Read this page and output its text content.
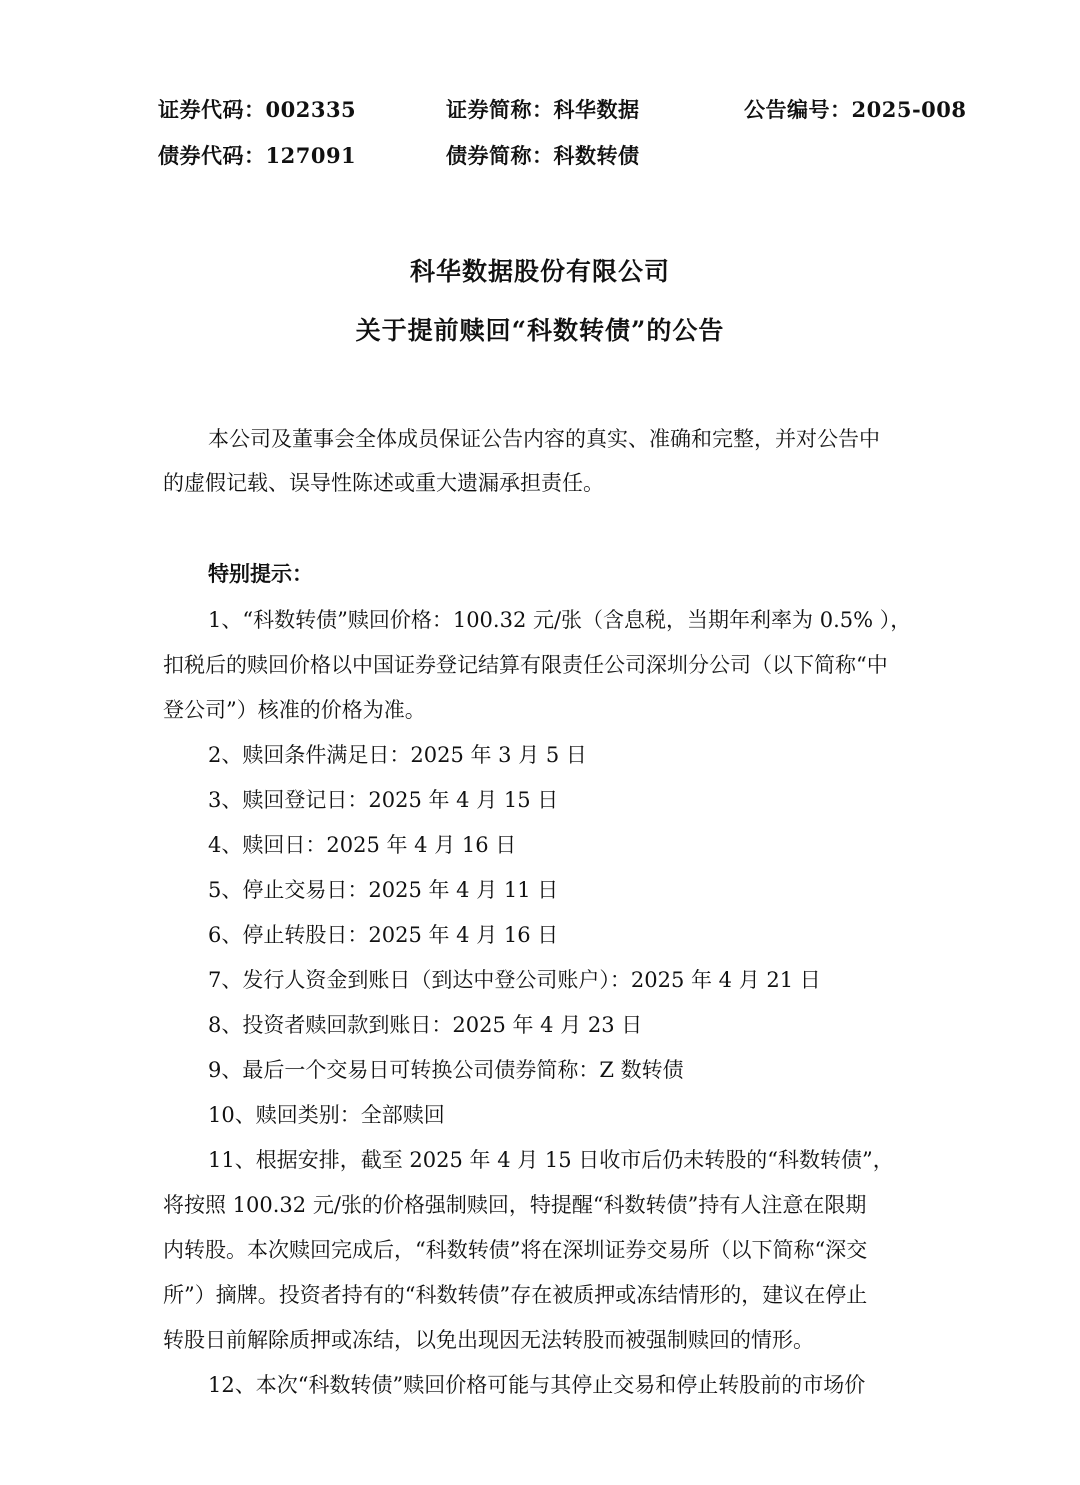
证券代码：002335	证券简称：科华数据	公告编号：2025-008
债券代码：127091	债券简称：科数转债
科华数据股份有限公司
关于提前赎回“科数转债”的公告
本公司及董事会全体成员保证公告内容的真实、准确和完整，并对公告中
的虚假记载、误导性陈述或重大遗漏承担责任。
特别提示：
1、“科数转债”赎回价格：100.32 元/张（含息税，当期年利率为 0.5% ），
扣税后的赎回价格以中国证券登记结算有限责任公司深圳分公司（以下简称“中
登公司”）核准的价格为准。
2、赎回条件满足日：2025 年 3 月 5 日
3、赎回登记日：2025 年 4 月 15 日
4、赎回日：2025 年 4 月 16 日
5、停止交易日：2025 年 4 月 11 日
6、停止转股日：2025 年 4 月 16 日
7、发行人资金到账日（到达中登公司账户）：2025 年 4 月 21 日
8、投资者赎回款到账日：2025 年 4 月 23 日
9、最后一个交易日可转换公司债券简称：Z 数转债
10、赎回类别：全部赎回
11、根据安排，截至 2025 年 4 月 15 日收市后仍未转股的“科数转债”，
将按照 100.32 元/张的价格强制赎回，特提醒“科数转债”持有人注意在限期
内转股。本次赎回完成后，“科数转债”将在深圳证券交易所（以下简称“深交
所”）摘牌。投资者持有的“科数转债”存在被质押或冻结情形的，建议在停止
转股日前解除质押或冻结，以免出现因无法转股而被强制赎回的情形。
12、本次“科数转债”赎回价格可能与其停止交易和停止转股前的市场价
